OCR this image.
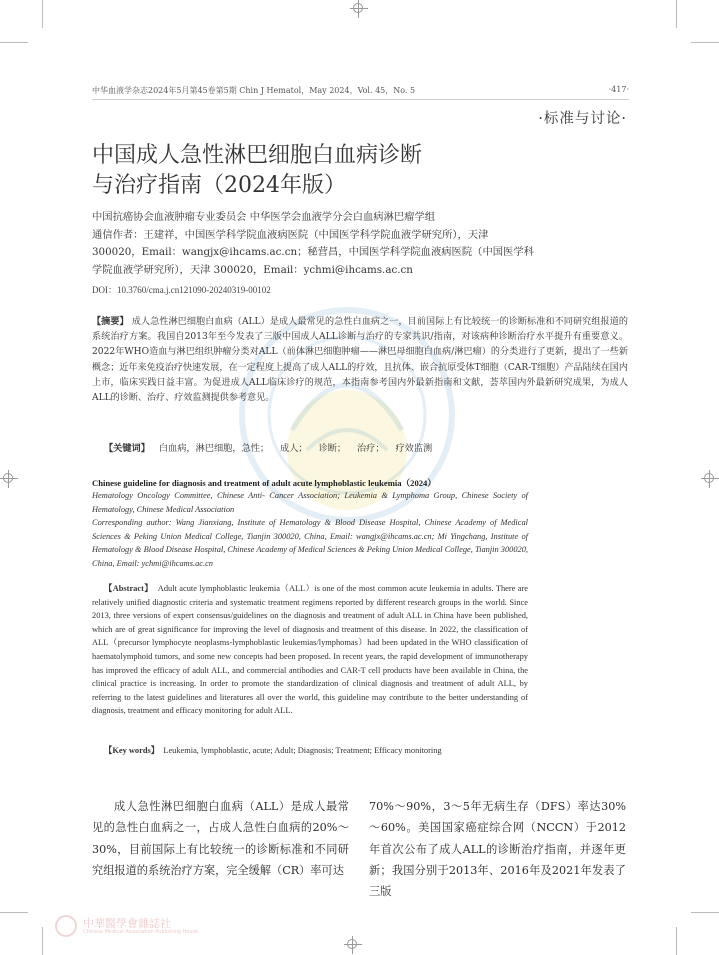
中华血液学杂志2024年5月第45卷第5期 Chin J Hematol，May 2024，Vol. 45，No. 5	·417·
·标准与讨论·
中国成人急性淋巴细胞白血病诊断
与治疗指南（2024年版）

中国抗癌协会血液肿瘤专业委员会 中华医学会血液学分会白血病淋巴瘤学组

通信作者：王建祥，中国医学科学院血液病医院（中国医学科学院血液学研究所），天津

300020，Email：wangjx@ihcams.ac.cn；秘营昌，中国医学科学院血液病医院（中国医学科

学院血液学研究所），天津 300020，Email：ychmi@ihcams.ac.cn

DOI：10.3760/cma.j.cn121090-20240319-00102

【摘要】 成人急性淋巴细胞白血病（ALL）是成人最常见的急性白血病之一，目前国际上有比较统一的诊断标准和不同研究组报道的系统治疗方案。我国自2013年至今发表了三版中国成人ALL诊断与治疗的专家共识/指南，对该病种诊断治疗水平提升有重要意义。2022年WHO造血与淋巴组织肿瘤分类对ALL（前体淋巴细胞肿瘤——淋巴母细胞白血病/淋巴瘤）的分类进行了更新，提出了一些新概念；近年来免疫治疗快速发展，在一定程度上提高了成人ALL的疗效，且抗体、嵌合抗原受体T细胞（CAR-T细胞）产品陆续在国内上市，临床实践日益丰富。为促进成人ALL临床诊疗的规范，本指南参考国内外最新指南和文献，荟萃国内外最新研究成果，为成人ALL的诊断、治疗、疗效监测提供参考意见。

【关键词】 白血病，淋巴细胞，急性； 成人； 诊断； 治疗； 疗效监测
Chinese guideline for diagnosis and treatment of adult acute lymphoblastic leukemia（2024）

Hematology Oncology Committee, Chinese Anti- Cancer Association; Leukemia & Lymphoma Group, Chinese Society of Hematology, Chinese Medical Association

Corresponding author: Wang Jianxiang, Institute of Hematology & Blood Disease Hospital, Chinese Academy of Medical Sciences & Peking Union Medical College, Tianjin 300020, China, Email: wangjx@ihcams.ac.cn; Mi Yingchang, Institute of Hematology & Blood Disease Hospital, Chinese Academy of Medical Sciences & Peking Union Medical College, Tianjin 300020, China, Email: ychmi@ihcams.ac.cn

【Abstract】 Adult acute lymphoblastic leukemia（ALL）is one of the most common acute leukemia in adults. There are relatively unified diagnostic criteria and systematic treatment regimens reported by different research groups in the world. Since 2013, three versions of expert consensus/guidelines on the diagnosis and treatment of adult ALL in China have been published, which are of great significance for improving the level of diagnosis and treatment of this disease. In 2022, the classification of ALL（precursor lymphocyte neoplasms-lymphoblastic leukemias/lymphomas）had been updated in the WHO classification of haematolymphoid tumors, and some new concepts had been proposed. In recent years, the rapid development of immunotherapy has improved the efficacy of adult ALL, and commercial antibodies and CAR-T cell products have been available in China, the clinical practice is increasing. In order to promote the standardization of clinical diagnosis and treatment of adult ALL, by referring to the latest guidelines and literatures all over the world, this guideline may contribute to the better understanding of diagnosis, treatment and efficacy monitoring for adult ALL.

【Key words】 Leukemia, lymphoblastic, acute; Adult; Diagnosis; Treatment; Efficacy monitoring
成人急性淋巴细胞白血病（ALL）是成人最常见的急性白血病之一，占成人急性白血病的20%～30%，目前国际上有比较统一的诊断标准和不同研究组报道的系统治疗方案，完全缓解（CR）率可达
70%～90%，3～5年无病生存（DFS）率达30%～60%。美国国家癌症综合网（NCCN）于2012年首次公布了成人ALL的诊断治疗指南，并逐年更新；我国分别于2013年、2016年及2021年发表了三版
中華醫學會雜誌社
Chinese Medical Association Publishing House
